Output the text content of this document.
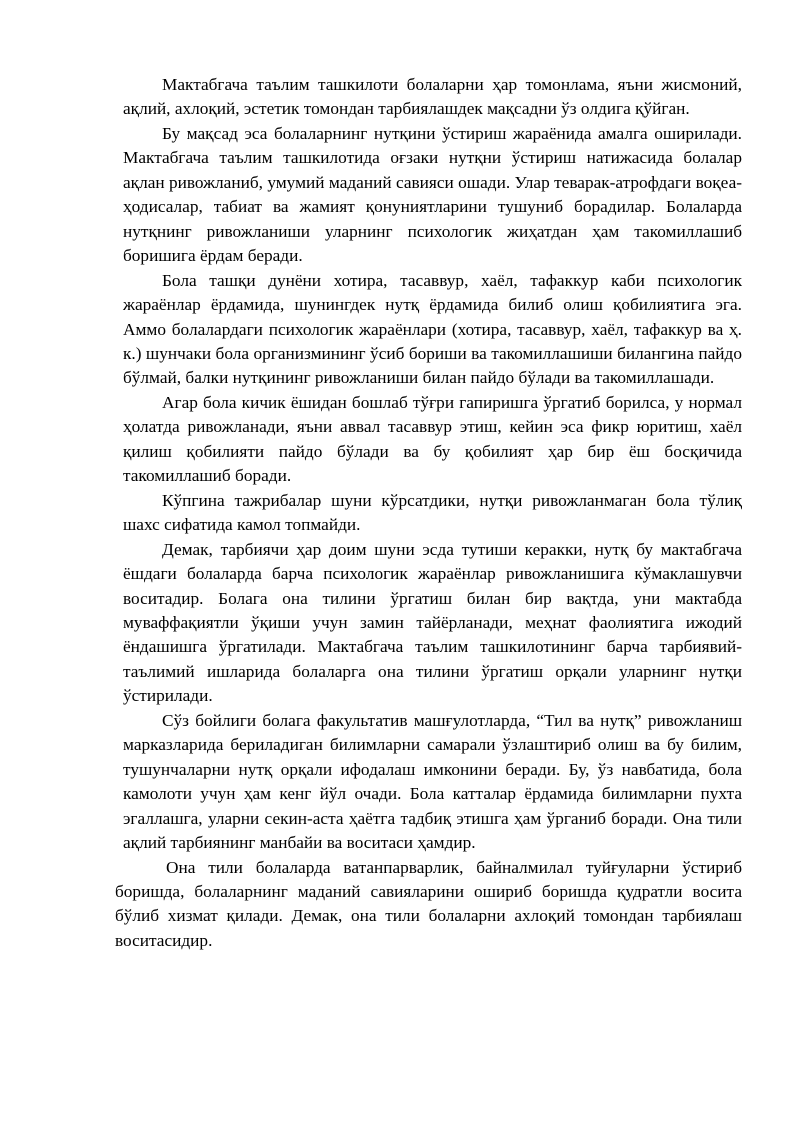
Мактабгача таълим ташкилоти болаларни ҳар томонлама, яъни жисмоний, ақлий, ахлоқий, эстетик томондан тарбиялашдек мақсадни ўз олдига қўйган.

Бу мақсад эса болаларнинг нутқини ўстириш жараёнида амалга оширилади. Мактабгача таълим ташкилотида оғзаки нутқни ўстириш натижасида болалар ақлан ривожланиб, умумий маданий савияси ошади. Улар теварак-атрофдаги воқеа-ҳодисалар, табиат ва жамият қонуниятларини тушуниб борадилар. Болаларда нутқнинг ривожланиши уларнинг психологик жиҳатдан ҳам такомиллашиб боришига ёрдам беради.

Бола ташқи дунёни хотира, тасаввур, хаёл, тафаккур каби психологик жараёнлар ёрдамида, шунингдек нутқ ёрдамида билиб олиш қобилиятига эга. Аммо болалардаги психологик жараёнлари (хотира, тасаввур, хаёл, тафаккур ва ҳ. к.) шунчаки бола организмининг ўсиб бориши ва такомиллашиши билангина пайдо бўлмай, балки нутқининг ривожланиши билан пайдо бўлади ва такомиллашади.

Агар бола кичик ёшидан бошлаб тўғри гапиришга ўргатиб борилса, у нормал ҳолатда ривожланади, яъни аввал тасаввур этиш, кейин эса фикр юритиш, хаёл қилиш қобилияти пайдо бўлади ва бу қобилият ҳар бир ёш босқичида такомиллашиб боради.

Кўпгина тажрибалар шуни кўрсатдики, нутқи ривожланмаган бола тўлиқ шахс сифатида камол топмайди.

Демак, тарбиячи ҳар доим шуни эсда тутиши керакки, нутқ бу мактабгача ёшдаги болаларда барча психологик жараёнлар ривожланишига кўмаклашувчи воситадир. Болага она тилини ўргатиш билан бир вақтда, уни мактабда муваффақиятли ўқиши учун замин тайёрланади, меҳнат фаолиятига ижодий ёндашишга ўргатилади. Мактабгача таълим ташкилотининг барча тарбиявий-таълимий ишларида болаларга она тилини ўргатиш орқали уларнинг нутқи ўстирилади.

Сўз бойлиги болага факультатив машғулотларда, “Тил ва нутқ” ривожланиш марказларида бериладиган билимларни самарали ўзлаштириб олиш ва бу билим, тушунчаларни нутқ орқали ифодалаш имконини беради. Бу, ўз навбатида, бола камолоти учун ҳам кенг йўл очади. Бола катталар ёрдамида билимларни пухта эгаллашга, уларни секин-аста ҳаётга тадбиқ этишга ҳам ўрганиб боради. Она тили ақлий тарбиянинг манбайи ва воситаси ҳамдир.

Она тили болаларда ватанпарварлик, байналмилал туйғуларни ўстириб боришда, болаларнинг маданий савияларини ошириб боришда қудратли восита бўлиб хизмат қилади. Демак, она тили болаларни ахлоқий томондан тарбиялаш воситасидир.
